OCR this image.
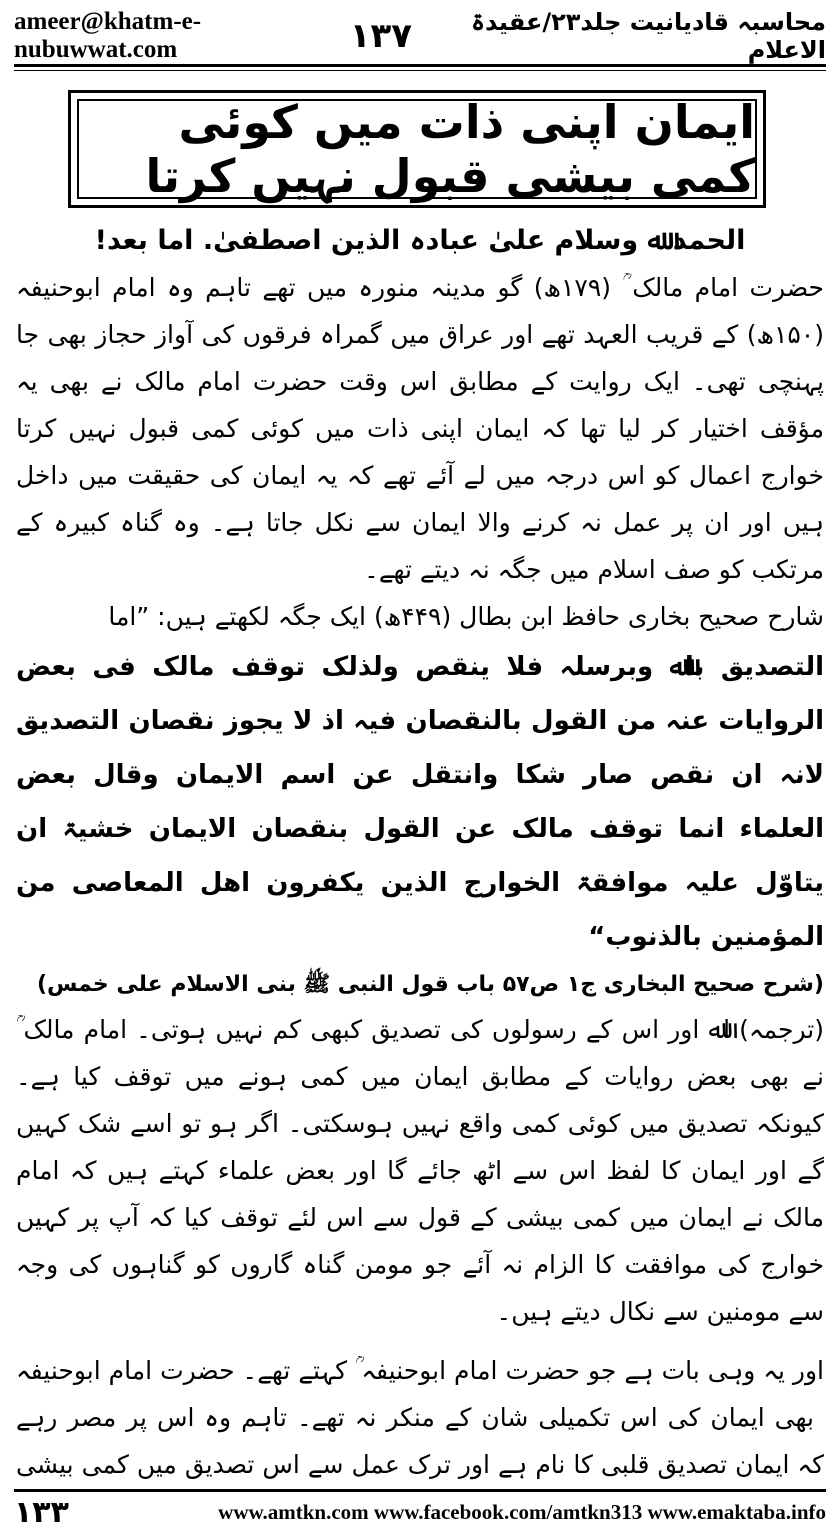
ameer@khatm-e-nubuwwat.com	۱۳۷	محاسبہ قادیانیت جلد۲۳/عقیدۃ الاعلام
ایمان اپنی ذات میں کوئی کمی بیشی قبول نہیں کرتا

الحمد ﷲ وسلام علیٰ عبادہ الذین اصطفیٰ. اما بعد!

حضرت امام مالک ؒ (۱۷۹ھ) گو مدینہ منورہ میں تھے تاہم وہ امام ابوحنیفہ (۱۵۰ھ) کے قریب العہد تھے اور عراق میں گمراہ فرقوں کی آواز حجاز بھی جا پہنچی تھی۔ ایک روایت کے مطابق اس وقت حضرت امام مالک نے بھی یہ مؤقف اختیار کر لیا تھا کہ ایمان اپنی ذات میں کوئی کمی قبول نہیں کرتا خوارج اعمال کو اس درجہ میں لے آئے تھے کہ یہ ایمان کی حقیقت میں داخل ہیں اور ان پر عمل نہ کرنے والا ایمان سے نکل جاتا ہے۔ وہ گناہ کبیرہ کے مرتکب کو صف اسلام میں جگہ نہ دیتے تھے۔

شارح صحیح بخاری حافظ ابن بطال (۴۴۹ھ) ایک جگہ لکھتے ہیں: ”اما

التصدیق باﷲ وبرسلہ فلا ینقص ولذلک توقف مالک فی بعض الروایات عنہ من القول بالنقصان فیہ اذ لا یجوز نقصان التصدیق لانہ ان نقص صار شکا وانتقل عن اسم الایمان وقال بعض العلماء انما توقف مالک عن القول بنقصان الایمان خشیۃ ان یتاوّل علیہ موافقۃ الخوارج الذین یکفرون اھل المعاصی من المؤمنین بالذنوب“

(شرح صحیح البخاری ج۱ ص۵۷ باب قول النبی ﷺ بنی الاسلام علی خمس)

(ترجمہ) اﷲ اور اس کے رسولوں کی تصدیق کبھی کم نہیں ہوتی۔ امام مالک ؒ نے بھی بعض روایات کے مطابق ایمان میں کمی ہونے میں توقف کیا ہے۔ کیونکہ تصدیق میں کوئی کمی واقع نہیں ہوسکتی۔ اگر ہو تو اسے شک کہیں گے اور ایمان کا لفظ اس سے اٹھ جائے گا اور بعض علماء کہتے ہیں کہ امام مالک نے ایمان میں کمی بیشی کے قول سے اس لئے توقف کیا کہ آپ پر کہیں خوارج کی موافقت کا الزام نہ آئے جو مومن گناہ گاروں کو گناہوں کی وجہ سے مومنین سے نکال دیتے ہیں۔

اور یہ وہی بات ہے جو حضرت امام ابوحنیفہ ؒ کہتے تھے۔ حضرت امام ابوحنیفہ ؒ بھی ایمان کی اس تکمیلی شان کے منکر نہ تھے۔ تاہم وہ اس پر مصر رہے کہ ایمان تصدیق قلبی کا نام ہے اور ترک عمل سے اس تصدیق میں کمی بیشی

۱۳۳	www.amtkn.com www.facebook.com/amtkn313 www.emaktaba.info
